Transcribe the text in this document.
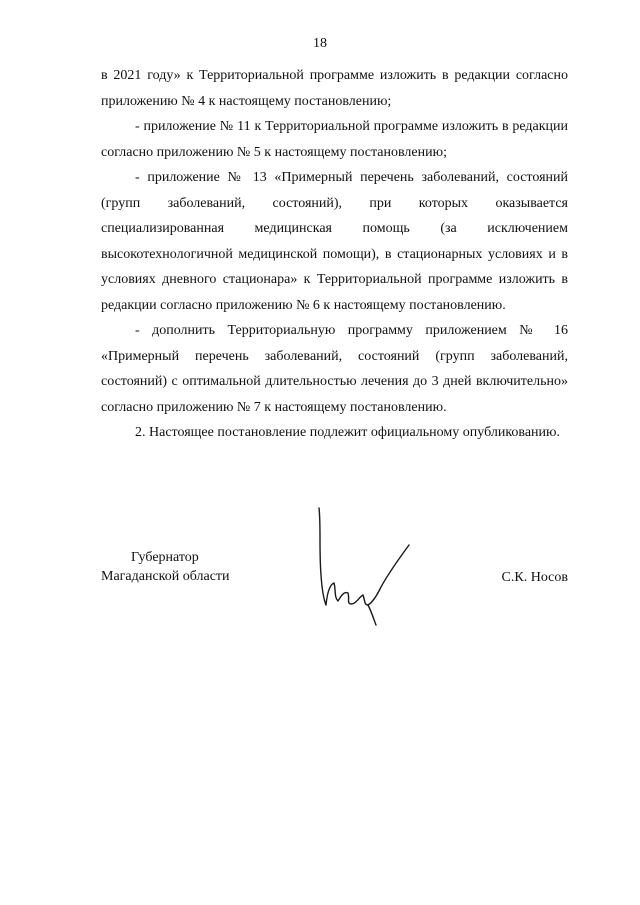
18

в 2021 году» к Территориальной программе изложить в редакции согласно приложению № 4 к настоящему постановлению;

- приложение № 11 к Территориальной программе изложить в редакции согласно приложению № 5 к настоящему постановлению;

- приложение № 13 «Примерный перечень заболеваний, состояний (групп заболеваний, состояний), при которых оказывается специализированная медицинская помощь (за исключением высокотехнологичной медицинской помощи), в стационарных условиях и в условиях дневного стационара» к Территориальной программе изложить в редакции согласно приложению № 6 к настоящему постановлению.

- дополнить Территориальную программу приложением № 16 «Примерный перечень заболеваний, состояний (групп заболеваний, состояний) с оптимальной длительностью лечения до 3 дней включительно» согласно приложению № 7 к настоящему постановлению.

2. Настоящее постановление подлежит официальному опубликованию.

Губернатор
Магаданской области	С.К. Носов
